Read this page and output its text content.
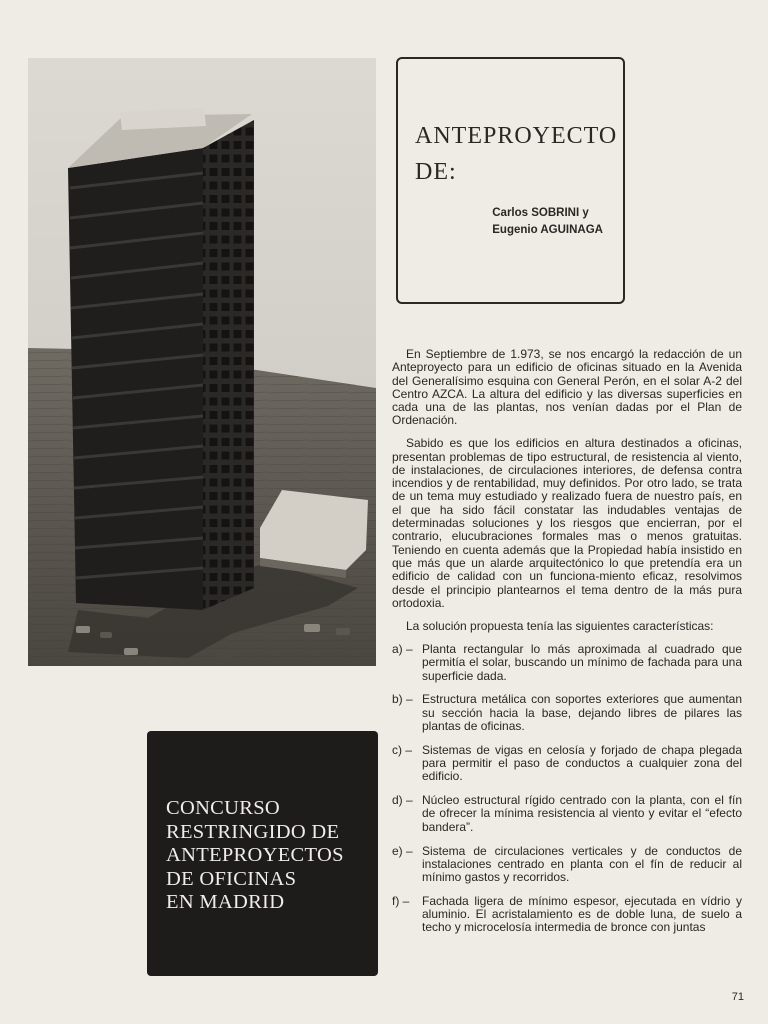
ANTEPROYECTO
DE:
Carlos SOBRINI y
Eugenio AGUINAGA

En Septiembre de 1.973, se nos encargó la redacción de un Anteproyecto para un edificio de oficinas situado en la Avenida del Generalísimo esquina con General Perón, en el solar A-2 del Centro AZCA. La altura del edificio y las diversas superficies en cada una de las plantas, nos venían dadas por el Plan de Ordenación.

Sabido es que los edificios en altura destinados a oficinas, presentan problemas de tipo estructural, de resistencia al viento, de instalaciones, de circulaciones interiores, de defensa contra incendios y de rentabilidad, muy definidos. Por otro lado, se trata de un tema muy estudiado y realizado fuera de nuestro país, en el que ha sido fácil constatar las indudables ventajas de determinadas soluciones y los riesgos que encierran, por el contrario, elucubraciones formales mas o menos gratuitas. Teniendo en cuenta además que la Propiedad había insistido en que más que un alarde arquitectónico lo que pretendía era un edificio de calidad con un funciona-miento eficaz, resolvimos desde el principio plantearnos el tema dentro de la más pura ortodoxia.

La solución propuesta tenía las siguientes características:

a) – Planta rectangular lo más aproximada al cuadrado que permitía el solar, buscando un mínimo de fachada para una superficie dada.
b) – Estructura metálica con soportes exteriores que aumentan su sección hacia la base, dejando libres de pilares las plantas de oficinas.
c) – Sistemas de vigas en celosía y forjado de chapa plegada para permitir el paso de conductos a cualquier zona del edificio.
d) – Núcleo estructural rígido centrado con la planta, con el fín de ofrecer la mínima resistencia al viento y evitar el “efecto bandera”.
e) – Sistema de circulaciones verticales y de conductos de instalaciones centrado en planta con el fín de reducir al mínimo gastos y recorridos.
f) –	Fachada ligera de mínimo espesor, ejecutada en vídrio y aluminio. El acristalamiento es de doble luna, de suelo a techo y microcelosía intermedia de bronce con juntas
CONCURSO
RESTRINGIDO DE
ANTEPROYECTOS
DE OFICINAS
EN MADRID
71
